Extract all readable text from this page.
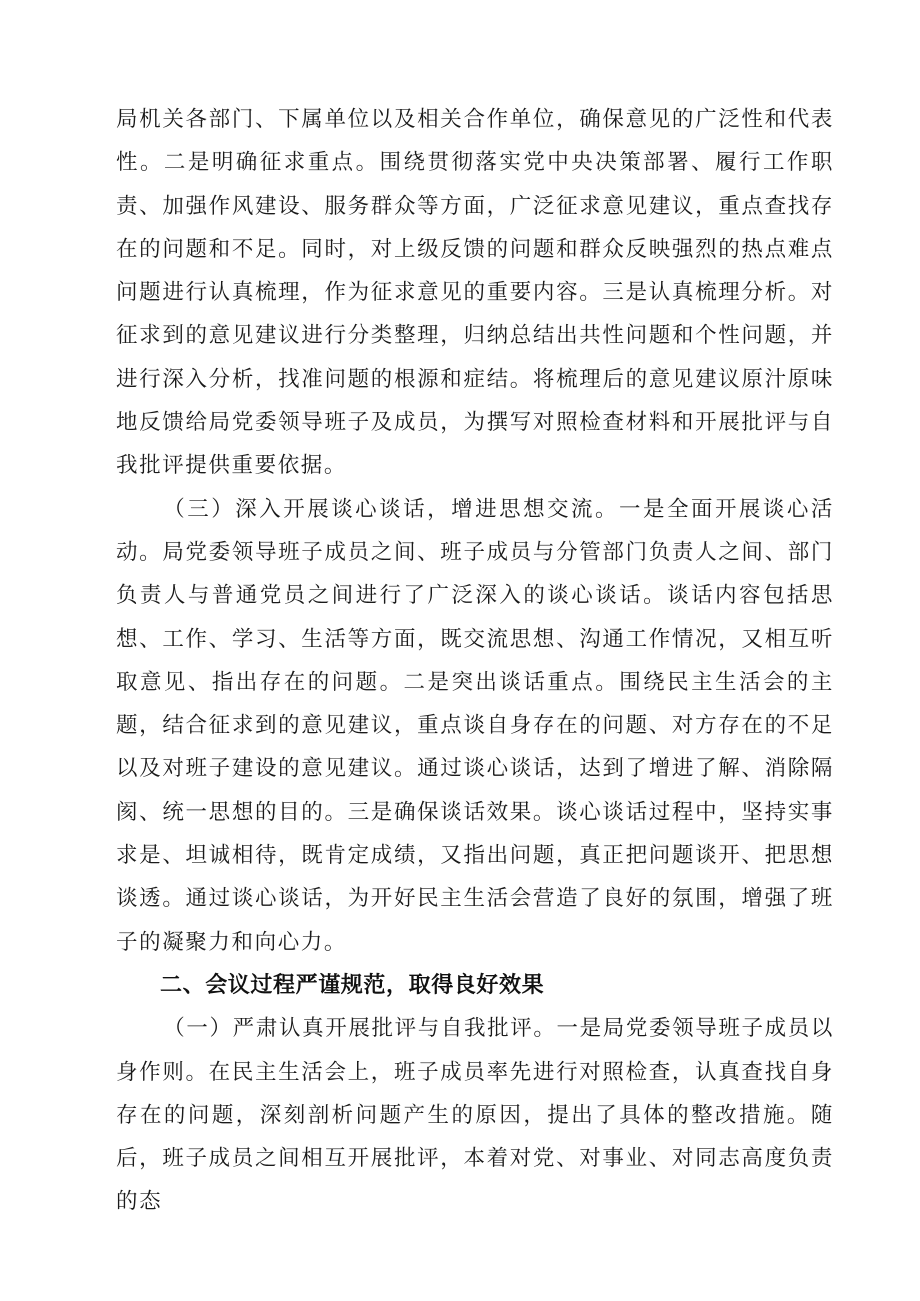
局机关各部门、下属单位以及相关合作单位，确保意见的广泛性和代表性。二是明确征求重点。围绕贯彻落实党中央决策部署、履行工作职责、加强作风建设、服务群众等方面，广泛征求意见建议，重点查找存在的问题和不足。同时，对上级反馈的问题和群众反映强烈的热点难点问题进行认真梳理，作为征求意见的重要内容。三是认真梳理分析。对征求到的意见建议进行分类整理，归纳总结出共性问题和个性问题，并进行深入分析，找准问题的根源和症结。将梳理后的意见建议原汁原味地反馈给局党委领导班子及成员，为撰写对照检查材料和开展批评与自我批评提供重要依据。

（三）深入开展谈心谈话，增进思想交流。一是全面开展谈心活动。局党委领导班子成员之间、班子成员与分管部门负责人之间、部门负责人与普通党员之间进行了广泛深入的谈心谈话。谈话内容包括思想、工作、学习、生活等方面，既交流思想、沟通工作情况，又相互听取意见、指出存在的问题。二是突出谈话重点。围绕民主生活会的主题，结合征求到的意见建议，重点谈自身存在的问题、对方存在的不足以及对班子建设的意见建议。通过谈心谈话，达到了增进了解、消除隔阂、统一思想的目的。三是确保谈话效果。谈心谈话过程中，坚持实事求是、坦诚相待，既肯定成绩，又指出问题，真正把问题谈开、把思想谈透。通过谈心谈话，为开好民主生活会营造了良好的氛围，增强了班子的凝聚力和向心力。

二、会议过程严谨规范，取得良好效果

（一）严肃认真开展批评与自我批评。一是局党委领导班子成员以身作则。在民主生活会上，班子成员率先进行对照检查，认真查找自身存在的问题，深刻剖析问题产生的原因，提出了具体的整改措施。随后，班子成员之间相互开展批评，本着对党、对事业、对同志高度负责的态
